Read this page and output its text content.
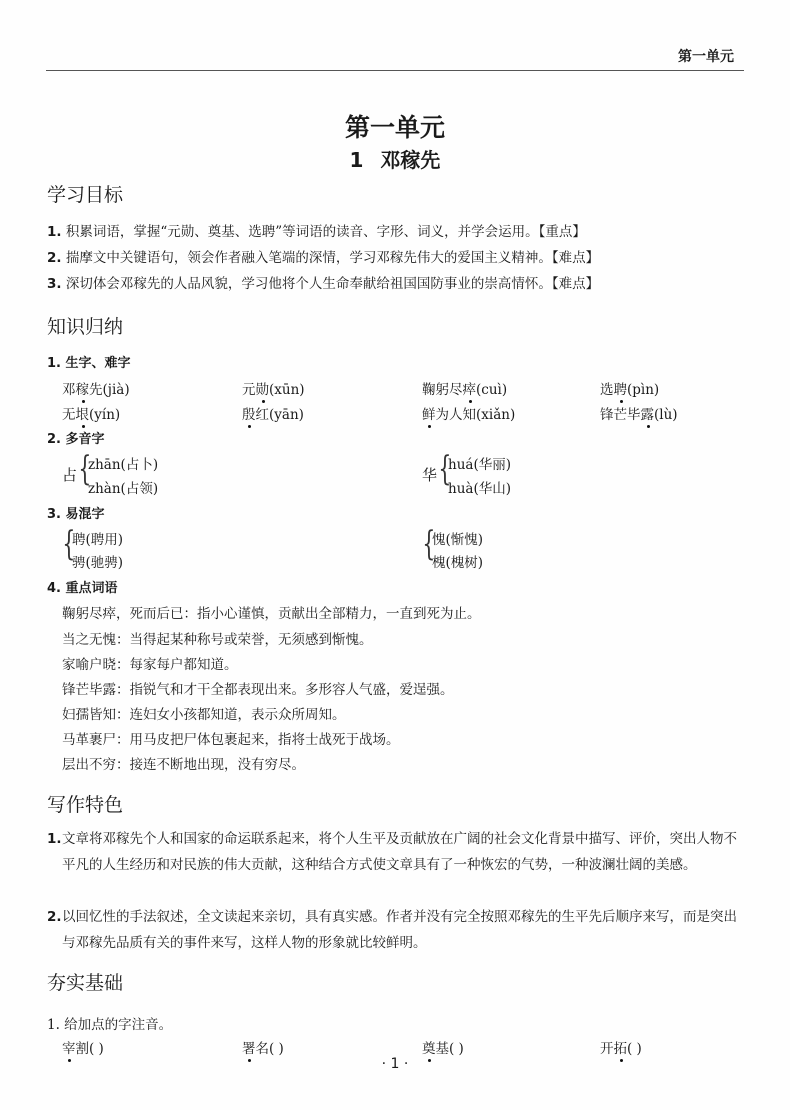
第一单元
第一单元
1 邓稼先
学习目标
1. 积累词语，掌握“元勋、奠基、选聘”等词语的读音、字形、词义，并学会运用。【重点】
2. 揣摩文中关键语句，领会作者融入笔端的深情，学习邓稼先伟大的爱国主义精神。【难点】
3. 深切体会邓稼先的人品风貌，学习他将个人生命奉献给祖国国防事业的崇高情怀。【难点】
知识归纳
1. 生字、难字
邓稼先(jià)	元勋(xūn)	鞠躬尽瘁(cuì)	选聘(pìn)
无垠(yín)	殷红(yān)	鲜为人知(xiǎn)	锋芒毕露(lù)
2. 多音字
占 {
zhān(占卜)
zhàn(占领)
华 {
huá(华丽)
huà(华山)
3. 易混字
{
聘(聘用)
骋(驰骋)	{
愧(惭愧)
槐(槐树)
4. 重点词语
鞠躬尽瘁，死而后已：指小心谨慎，贡献出全部精力，一直到死为止。
当之无愧：当得起某种称号或荣誉，无须感到惭愧。
家喻户晓：每家每户都知道。
锋芒毕露：指锐气和才干全都表现出来。多形容人气盛，爱逞强。
妇孺皆知：连妇女小孩都知道，表示众所周知。
马革裹尸：用马皮把尸体包裹起来，指将士战死于战场。
层出不穷：接连不断地出现，没有穷尽。
写作特色
1. 文章将邓稼先个人和国家的命运联系起来，将个人生平及贡献放在广阔的社会文化背景中描写、评价，突出人物不平凡的人生经历和对民族的伟大贡献，这种结合方式使文章具有了一种恢宏的气势，一种波澜壮阔的美感。
2. 以回忆性的手法叙述，全文读起来亲切，具有真实感。作者并没有完全按照邓稼先的生平先后顺序来写，而是突出与邓稼先品质有关的事件来写，这样人物的形象就比较鲜明。
夯实基础
1. 给加点的字注音。
宰割( )	署名( )	奠基( )	开拓( )
· 1 ·
